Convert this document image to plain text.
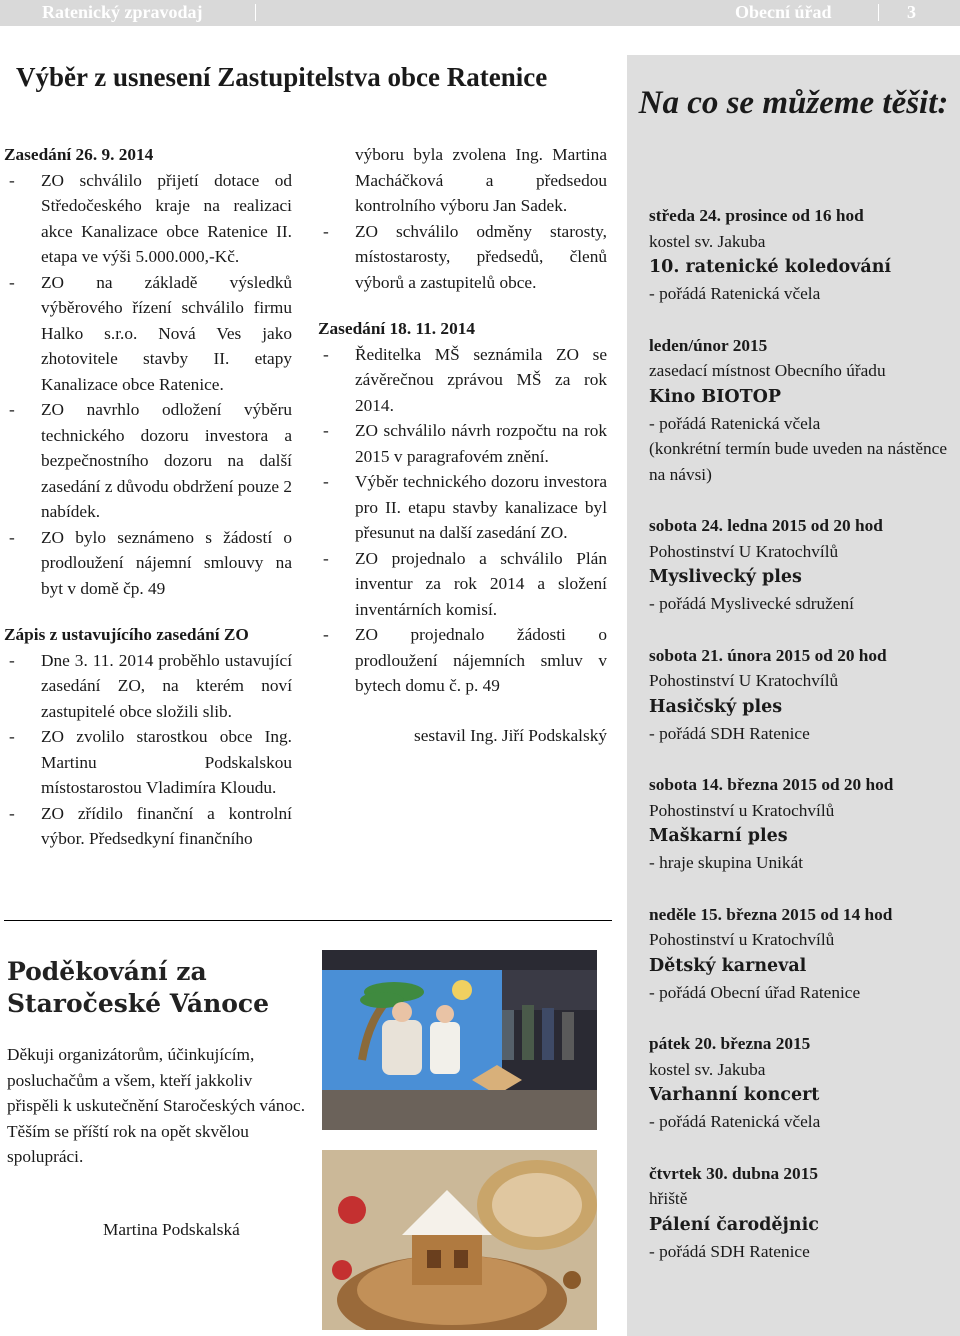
Ratenický zpravodaj	Obecní úřad	3
Výběr z usnesení Zastupitelstva obce Ratenice
Zasedání 26. 9. 2014
- ZO schválilo přijetí dotace od Středočeského kraje na realizaci akce Kanalizace obce Ratenice II. etapa ve výši 5.000.000,-Kč.
- ZO na základě výsledků výběrového řízení schválilo firmu Halko s.r.o. Nová Ves jako zhotovitele stavby II. etapy Kanalizace obce Ratenice.
- ZO navrhlo odložení výběru technického dozoru investora a bezpečnostního dozoru na další zasedání z důvodu obdržení pouze 2 nabídek.
- ZO bylo seznámeno s žádostí o prodloužení nájemní smlouvy na byt v domě čp. 49
Zápis z ustavujícího zasedání ZO
- Dne 3. 11. 2014 proběhlo ustavující zasedání ZO, na kterém noví zastupitelé obce složili slib.
- ZO zvolilo starostkou obce Ing. Martinu Podskalskou místostarostou Vladimíra Kloudu.
- ZO zřídilo finanční a kontrolní výbor. Předsedkyní finančního
výboru byla zvolena Ing. Martina Macháčková a předsedou kontrolního výboru Jan Sadek.
- ZO schválilo odměny starosty, místostarosty, předsedů, členů výborů a zastupitelů obce.
Zasedání 18. 11. 2014
- Ředitelka MŠ seznámila ZO se závěrečnou zprávou MŠ za rok 2014.
- ZO schválilo návrh rozpočtu na rok 2015 v paragrafovém znění.
- Výběr technického dozoru investora pro II. etapu stavby kanalizace byl přesunut na další zasedání ZO.
- ZO projednalo a schválilo Plán inventur za rok 2014 a složení inventárních komisí.
- ZO projednalo žádosti o prodloužení nájemních smluv v bytech domu č. p. 49
sestavil Ing. Jiří Podskalský
Poděkování za
Staročeské Vánoce
Děkuji organizátorům, účinkujícím, posluchačům a všem, kteří jakkoliv přispěli k uskutečnění Staročeských vánoc. Těším se příští rok na opět skvělou spolupráci.
Martina Podskalská
Na co se můžeme těšit:
středa 24. prosince od 16 hod
kostel sv. Jakuba
10. ratenické koledování
- pořádá Ratenická včela
leden/únor 2015
zasedací místnost Obecního úřadu
Kino BIOTOP
- pořádá Ratenická včela
(konkrétní termín bude uveden na nástěnce na návsi)
sobota 24. ledna 2015 od 20 hod
Pohostinství U Kratochvílů
Myslivecký ples
- pořádá Myslivecké sdružení
sobota 21. února 2015 od 20 hod
Pohostinství U Kratochvílů
Hasičský ples
- pořádá SDH Ratenice
sobota 14. března 2015 od 20 hod
Pohostinství u Kratochvílů
Maškarní ples
- hraje skupina Unikát
neděle 15. března 2015 od 14 hod
Pohostinství u Kratochvílů
Dětský karneval
- pořádá Obecní úřad Ratenice
pátek 20. března 2015
kostel sv. Jakuba
Varhanní koncert
- pořádá Ratenická včela
čtvrtek 30. dubna 2015
hřiště
Pálení čarodějnic
- pořádá SDH Ratenice
